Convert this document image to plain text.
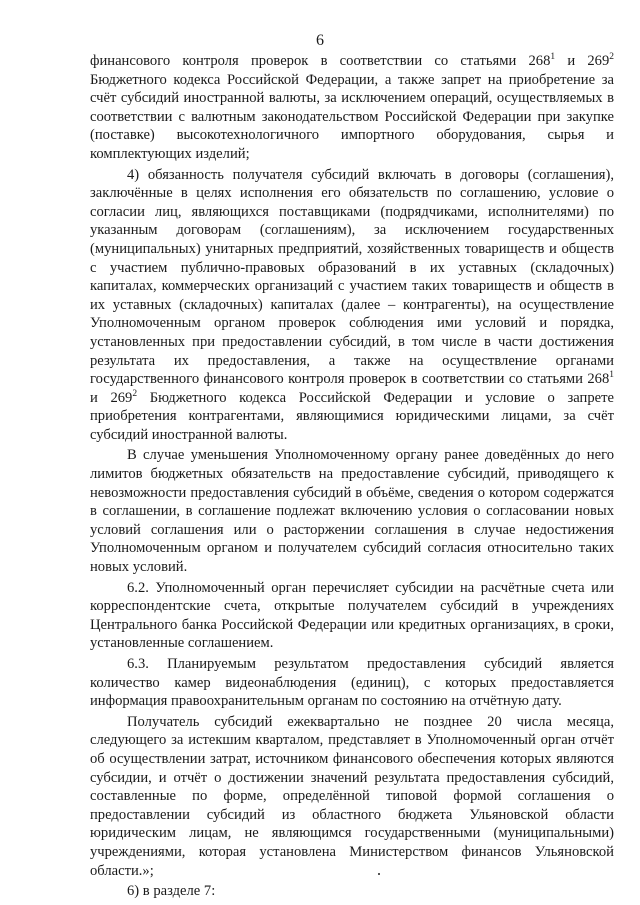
6

финансового контроля проверок в соответствии со статьями $268^1$ и $269^2$ Бюджетного кодекса Российской Федерации, а также запрет на приобретение за счёт субсидий иностранной валюты, за исключением операций, осуществляемых в соответствии с валютным законодательством Российской Федерации при закупке (поставке) высокотехнологичного импортного оборудования, сырья и комплектующих изделий;

4) обязанность получателя субсидий включать в договоры (соглашения), заключённые в целях исполнения его обязательств по соглашению, условие о согласии лиц, являющихся поставщиками (подрядчиками, исполнителями) по указанным договорам (соглашениям), за исключением государственных (муниципальных) унитарных предприятий, хозяйственных товариществ и обществ с участием публично-правовых образований в их уставных (складочных) капиталах, коммерческих организаций с участием таких товариществ и обществ в их уставных (складочных) капиталах (далее – контрагенты), на осуществление Уполномоченным органом проверок соблюдения ими условий и порядка, установленных при предоставлении субсидий, в том числе в части достижения результата их предоставления, а также на осуществление органами государственного финансового контроля проверок в соответствии со статьями $268^1$ и $269^2$ Бюджетного кодекса Российской Федерации и условие о запрете приобретения контрагентами, являющимися юридическими лицами, за счёт субсидий иностранной валюты.

В случае уменьшения Уполномоченному органу ранее доведённых до него лимитов бюджетных обязательств на предоставление субсидий, приводящего к невозможности предоставления субсидий в объёме, сведения о котором содержатся в соглашении, в соглашение подлежат включению условия о согласовании новых условий соглашения или о расторжении соглашения в случае недостижения Уполномоченным органом и получателем субсидий согласия относительно таких новых условий.

6.2. Уполномоченный орган перечисляет субсидии на расчётные счета или корреспондентские счета, открытые получателем субсидий в учреждениях Центрального банка Российской Федерации или кредитных организациях, в сроки, установленные соглашением.

6.3. Планируемым результатом предоставления субсидий является количество камер видеонаблюдения (единиц), с которых предоставляется информация правоохранительным органам по состоянию на отчётную дату.

Получатель субсидий ежеквартально не позднее 20 числа месяца, следующего за истекшим кварталом, представляет в Уполномоченный орган отчёт об осуществлении затрат, источником финансового обеспечения которых являются субсидии, и отчёт о достижении значений результата предоставления субсидий, составленные по форме, определённой типовой формой соглашения о предоставлении субсидий из областного бюджета Ульяновской области юридическим лицам, не являющимся государственными (муниципальными) учреждениями, которая установлена Министерством финансов Ульяновской области.»;

6) в разделе 7:
